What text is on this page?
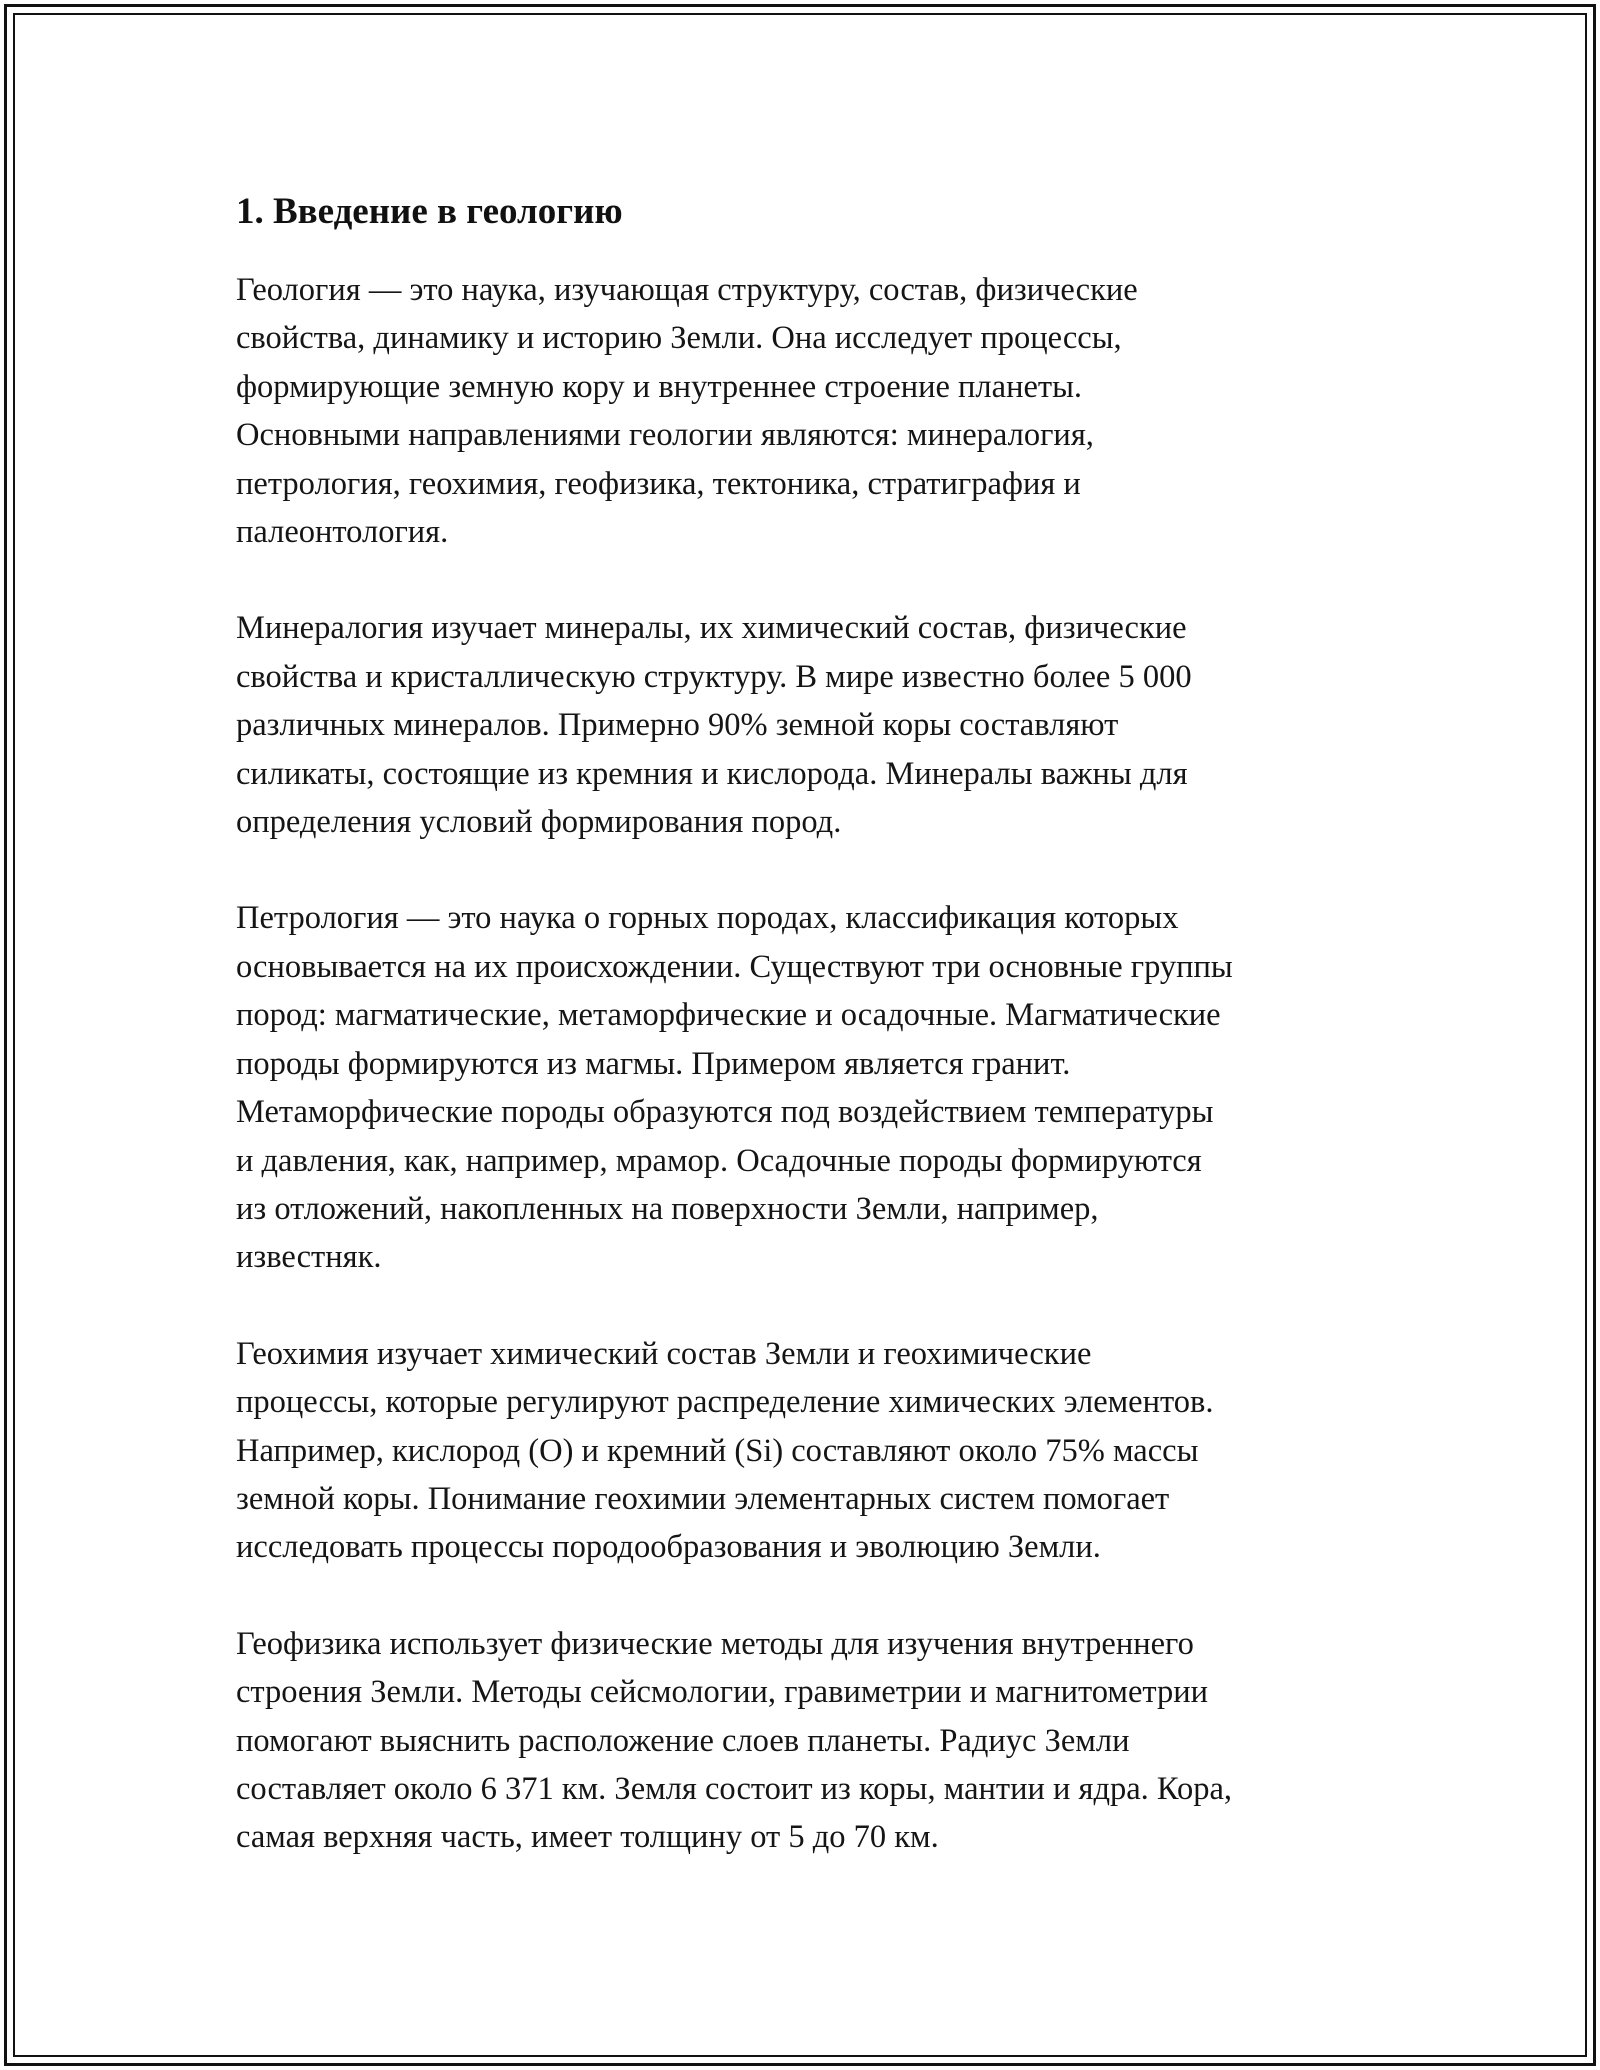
1. Введение в геологию
Геология — это наука, изучающая структуру, состав, физические
свойства, динамику и историю Земли. Она исследует процессы,
формирующие земную кору и внутреннее строение планеты.
Основными направлениями геологии являются: минералогия,
петрология, геохимия, геофизика, тектоника, стратиграфия и
палеонтология.
Минералогия изучает минералы, их химический состав, физические
свойства и кристаллическую структуру. В мире известно более 5 000
различных минералов. Примерно 90% земной коры составляют
силикаты, состоящие из кремния и кислорода. Минералы важны для
определения условий формирования пород.
Петрология — это наука о горных породах, классификация которых
основывается на их происхождении. Существуют три основные группы
пород: магматические, метаморфические и осадочные. Магматические
породы формируются из магмы. Примером является гранит.
Метаморфические породы образуются под воздействием температуры
и давления, как, например, мрамор. Осадочные породы формируются
из отложений, накопленных на поверхности Земли, например,
известняк.
Геохимия изучает химический состав Земли и геохимические
процессы, которые регулируют распределение химических элементов.
Например, кислород (O) и кремний (Si) составляют около 75% массы
земной коры. Понимание геохимии элементарных систем помогает
исследовать процессы породообразования и эволюцию Земли.
Геофизика использует физические методы для изучения внутреннего
строения Земли. Методы сейсмологии, гравиметрии и магнитометрии
помогают выяснить расположение слоев планеты. Радиус Земли
составляет около 6 371 км. Земля состоит из коры, мантии и ядра. Кора,
самая верхняя часть, имеет толщину от 5 до 70 км.
